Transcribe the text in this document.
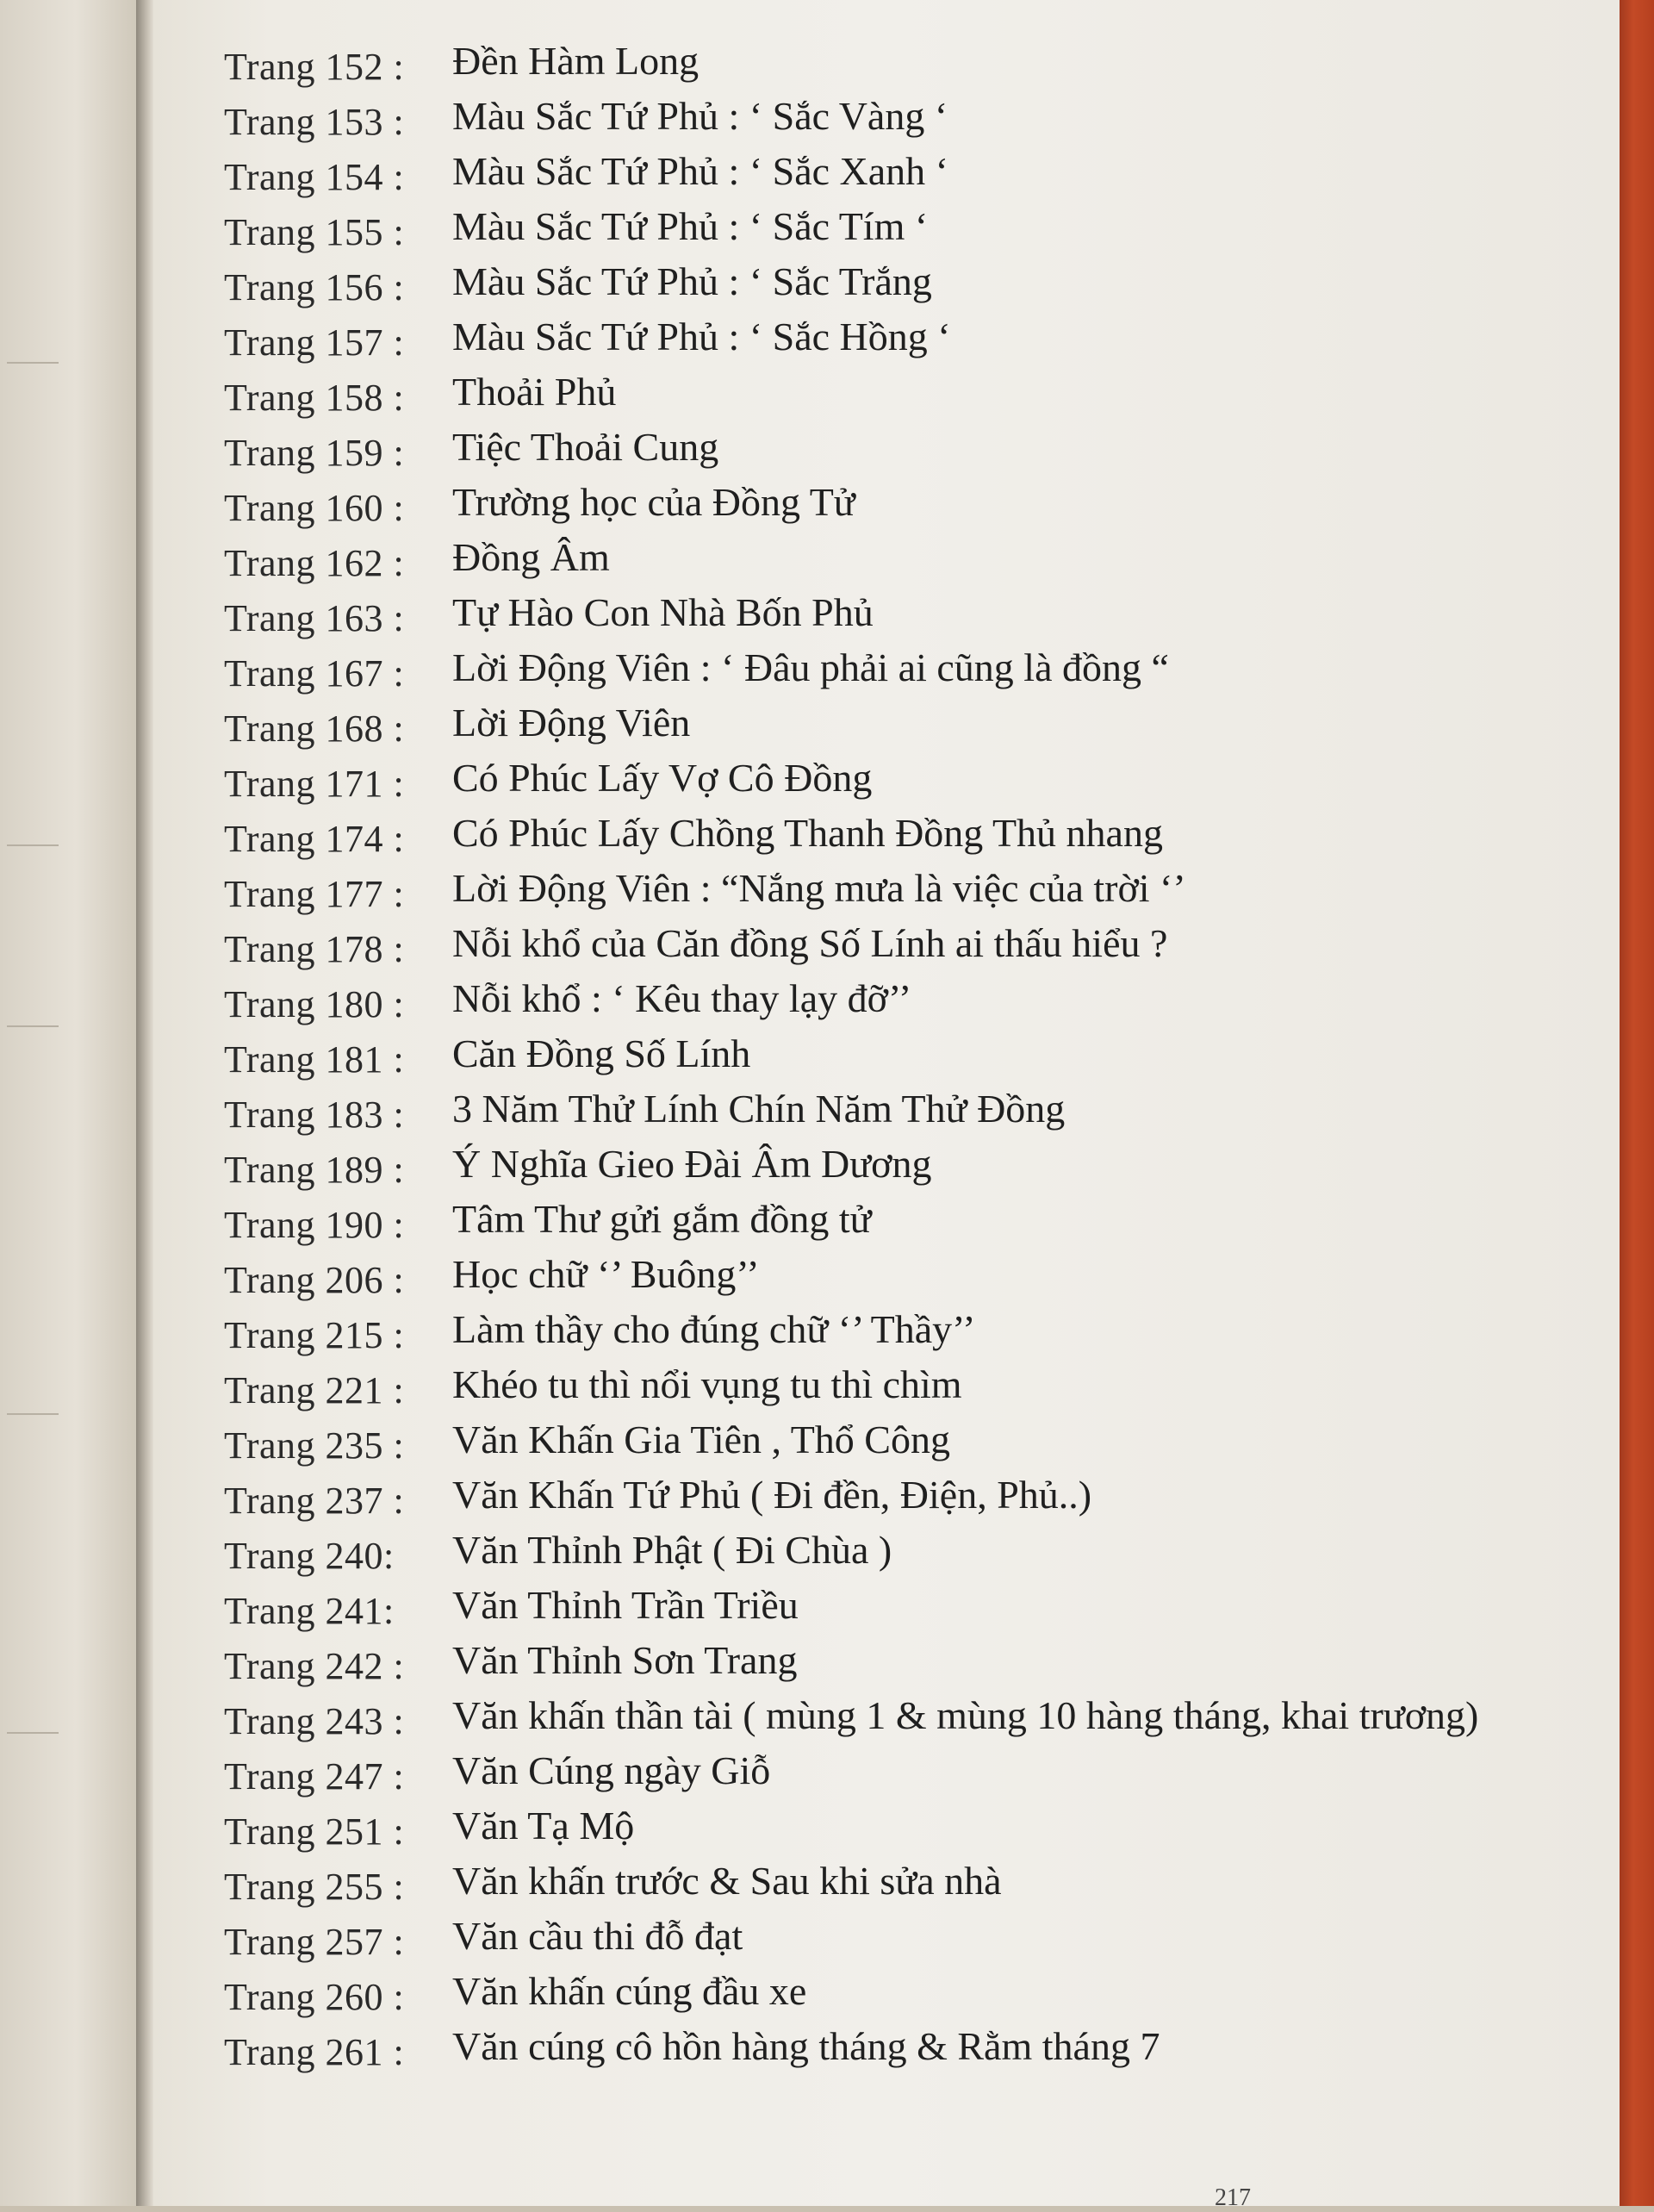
Trang 152 : Đền Hàm Long
Trang 153 : Màu Sắc Tứ Phủ : ‘ Sắc Vàng ‘
Trang 154 : Màu Sắc Tứ Phủ : ‘ Sắc Xanh ‘
Trang 155 : Màu Sắc Tứ Phủ : ‘ Sắc Tím ‘
Trang 156 : Màu Sắc Tứ Phủ : ‘ Sắc Trắng
Trang 157 : Màu Sắc Tứ Phủ : ‘ Sắc Hồng ‘
Trang 158 : Thoải Phủ
Trang 159 : Tiệc Thoải Cung
Trang 160 : Trường học của Đồng Tử
Trang 162 : Đồng Âm
Trang 163 : Tự Hào Con Nhà Bốn Phủ
Trang 167 : Lời Động Viên : ‘ Đâu phải ai cũng là đồng “
Trang 168 : Lời Động Viên
Trang 171 : Có Phúc Lấy Vợ Cô Đồng
Trang 174 : Có Phúc Lấy Chồng Thanh Đồng Thủ nhang
Trang 177 : Lời Động Viên : “Nắng mưa là việc của trời ‘’
Trang 178 : Nỗi khổ của Căn đồng Số Lính ai thấu hiểu ?
Trang 180 : Nỗi khổ : ‘ Kêu thay lạy đỡ’’
Trang 181 : Căn Đồng Số Lính
Trang 183 : 3 Năm Thử Lính Chín Năm Thử Đồng
Trang 189 : Ý Nghĩa Gieo Đài Âm Dương
Trang 190 : Tâm Thư gửi gắm đồng tử
Trang 206 : Học chữ ‘’ Buông’’
Trang 215 : Làm thầy cho đúng chữ ‘’ Thầy’’
Trang 221 : Khéo tu thì nổi vụng tu thì chìm
Trang 235 : Văn Khấn Gia Tiên , Thổ Công
Trang 237 : Văn Khấn Tứ Phủ ( Đi đền, Điện, Phủ..)
Trang 240: Văn Thỉnh Phật ( Đi Chùa )
Trang 241: Văn Thỉnh Trần Triều
Trang 242 : Văn Thỉnh Sơn Trang
Trang 243 : Văn khấn thần tài ( mùng 1 & mùng 10 hàng tháng, khai trương)
Trang 247 : Văn Cúng ngày Giỗ
Trang 251 : Văn Tạ Mộ
Trang 255 : Văn khấn trước & Sau khi sửa nhà
Trang 257 : Văn cầu thi đỗ đạt
Trang 260 : Văn khấn cúng đầu xe
Trang 261 : Văn cúng cô hồn hàng tháng & Rằm tháng 7
217
